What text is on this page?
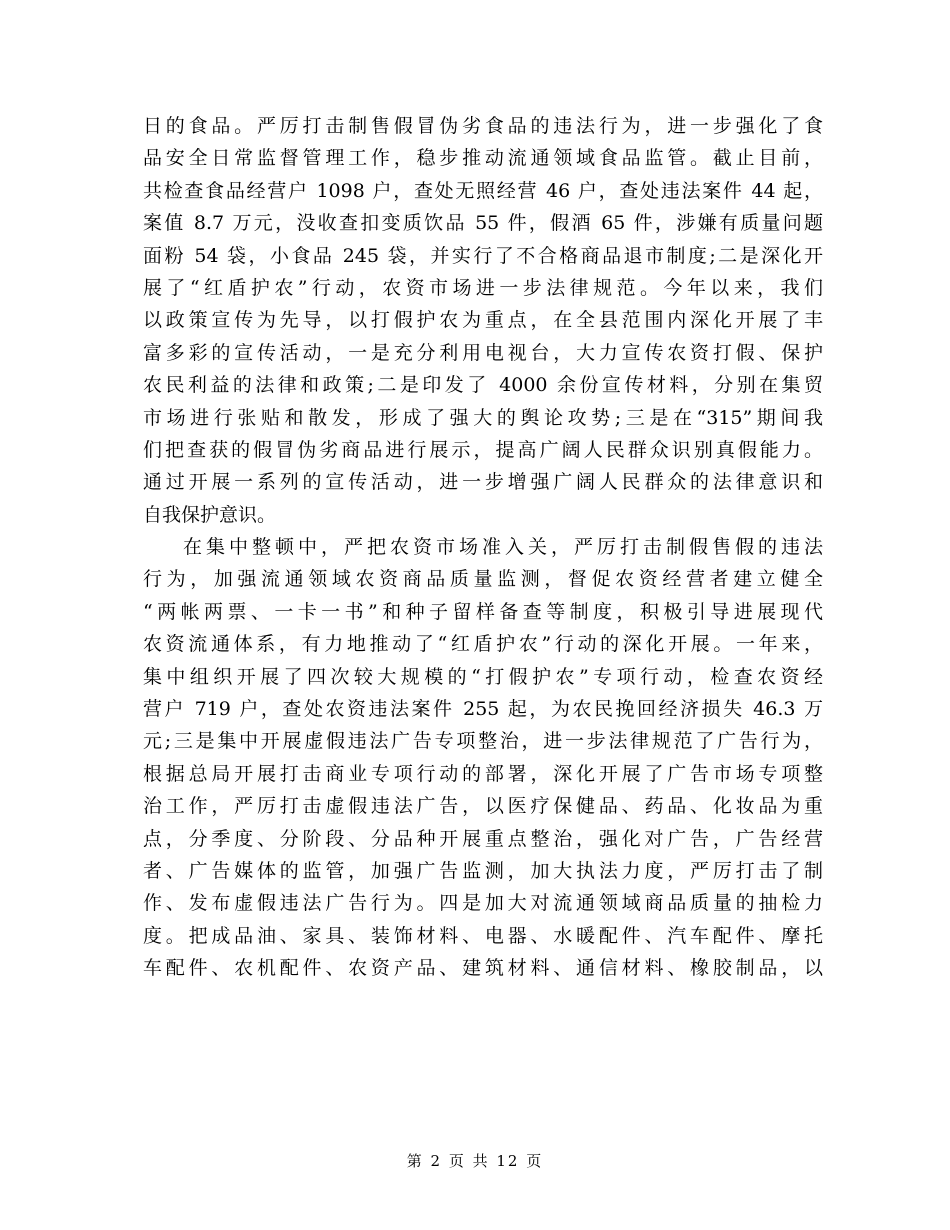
日的食品。严厉打击制售假冒伪劣食品的违法行为，进一步强化了食
品安全日常监督管理工作，稳步推动流通领域食品监管。截止目前，
共检查食品经营户 1098 户，查处无照经营 46 户，查处违法案件 44 起，
案值 8.7 万元，没收查扣变质饮品 55 件，假酒 65 件，涉嫌有质量问题
面粉 54 袋，小食品 245 袋，并实行了不合格商品退市制度;二是深化开
展了“红盾护农”行动，农资市场进一步法律规范。今年以来，我们
以政策宣传为先导，以打假护农为重点，在全县范围内深化开展了丰
富多彩的宣传活动，一是充分利用电视台，大力宣传农资打假、保护
农民利益的法律和政策;二是印发了 4000 余份宣传材料，分别在集贸
市场进行张贴和散发，形成了强大的舆论攻势;三是在“315”期间我
们把查获的假冒伪劣商品进行展示，提高广阔人民群众识别真假能力。
通过开展一系列的宣传活动，进一步增强广阔人民群众的法律意识和
自我保护意识。
在集中整顿中，严把农资市场准入关，严厉打击制假售假的违法
行为，加强流通领域农资商品质量监测，督促农资经营者建立健全
“两帐两票、一卡一书”和种子留样备查等制度，积极引导进展现代
农资流通体系，有力地推动了“红盾护农”行动的深化开展。一年来，
集中组织开展了四次较大规模的“打假护农”专项行动，检查农资经
营户 719 户，查处农资违法案件 255 起，为农民挽回经济损失 46.3 万
元;三是集中开展虚假违法广告专项整治，进一步法律规范了广告行为，
根据总局开展打击商业专项行动的部署，深化开展了广告市场专项整
治工作，严厉打击虚假违法广告，以医疗保健品、药品、化妆品为重
点，分季度、分阶段、分品种开展重点整治，强化对广告，广告经营
者、广告媒体的监管，加强广告监测，加大执法力度，严厉打击了制
作、发布虚假违法广告行为。四是加大对流通领域商品质量的抽检力
度。把成品油、家具、装饰材料、电器、水暖配件、汽车配件、摩托
车配件、农机配件、农资产品、建筑材料、通信材料、橡胶制品，以
第 2 页 共 12 页
